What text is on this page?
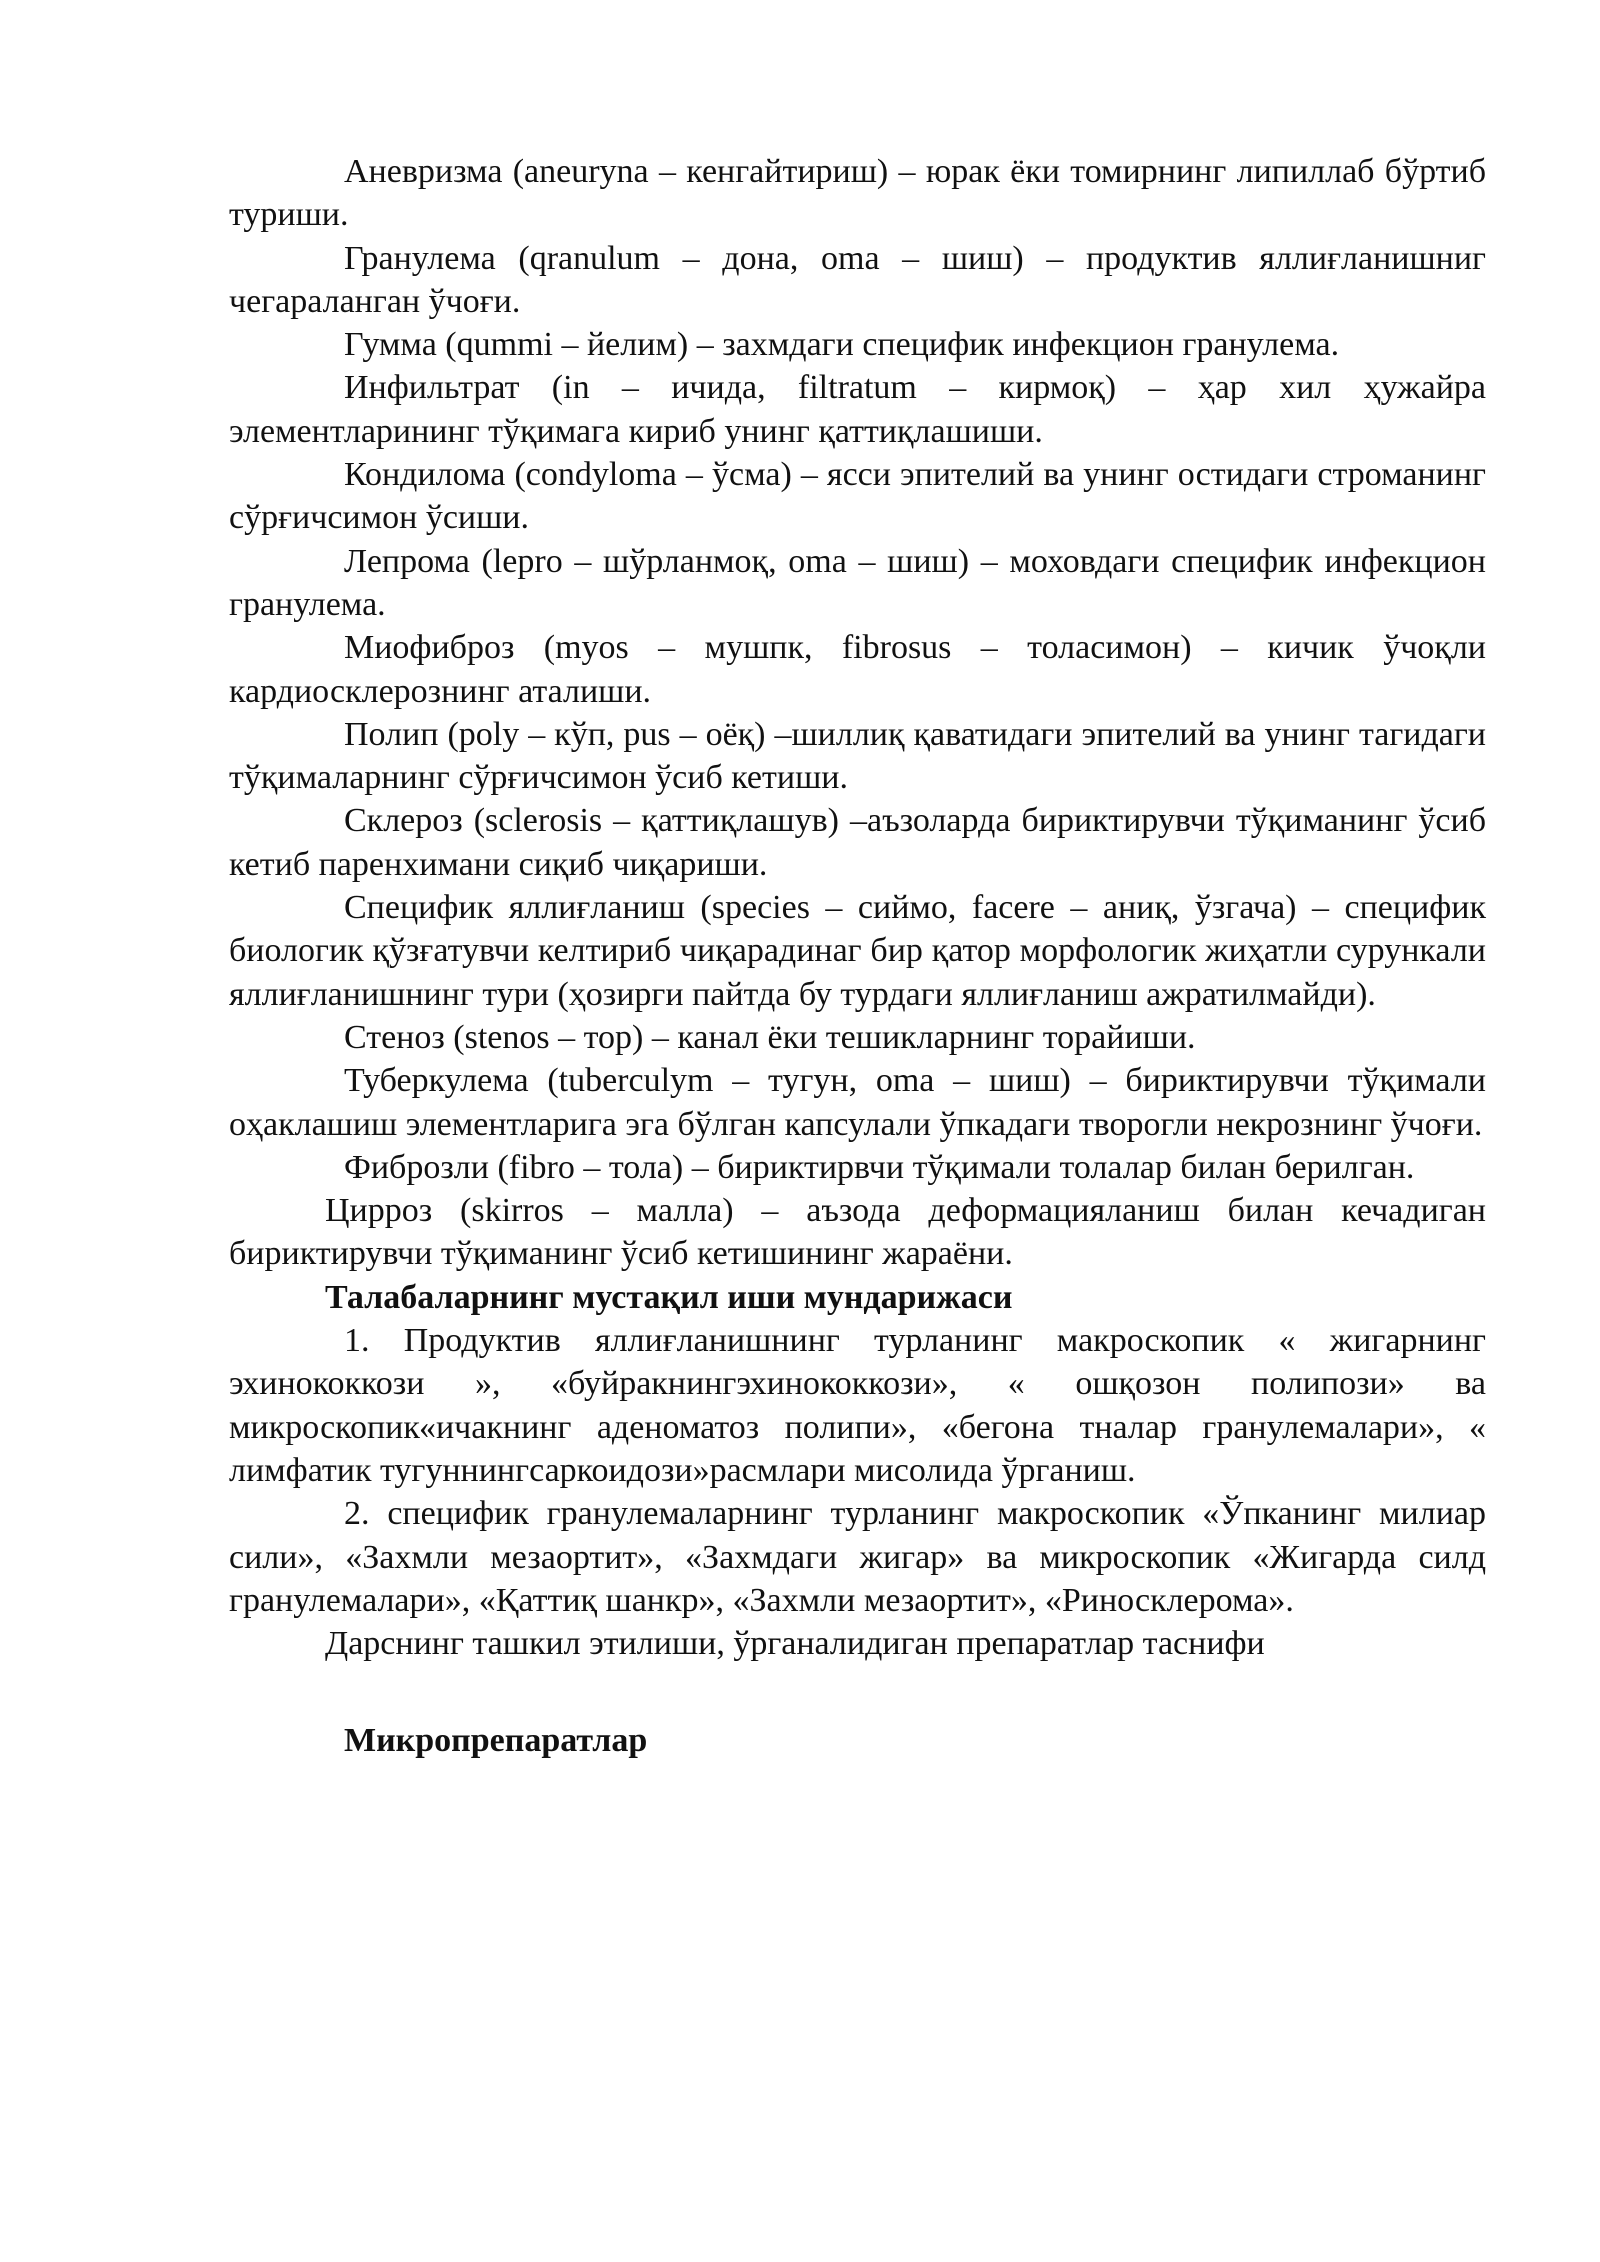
Аневризма (aneurуna – кенгайтириш) – юрак ёки томирнинг липиллаб бўртиб туриши.

Гранулема (qranulum – дона, oma – шиш) – продуктив яллиғланишниг чегараланган ўчоғи.

Гумма (qummi – йелим) – захмдаги специфик инфекцион гранулема.

Инфильтрат (in – ичида, filtratum – кирмоқ) – ҳар хил ҳужайра элементларининг тўқимага кириб унинг қаттиқлашиши.

Кондилома (condyloma – ўсма) – ясси эпителий ва унинг остидаги строманинг сўрғичсимон ўсиши.

Лепрома (lepro – шўрланмоқ, oma – шиш) – моховдаги специфик инфекцион гранулема.

Миофиброз (myos – мушпк, fibrosus – толасимон) – кичик ўчоқли кардиосклерознинг аталиши.

Полип (poly – кўп, pus – оёқ) –шиллиқ қаватидаги эпителий ва унинг тагидаги тўқималарнинг сўрғичсимон ўсиб кетиши.

Склероз (sclerosis – қаттиқлашув) –аъзоларда бириктирувчи тўқиманинг ўсиб кетиб паренхимани сиқиб чиқариши.

Специфик яллиғланиш (species – сиймо, facere – аниқ, ўзгача) – специфик биологик қўзғатувчи келтириб чиқарадинаг бир қатор морфологик жиҳатли сурункали яллиғланишнинг тури (ҳозирги пайтда бу турдаги яллиғланиш ажратилмайди).

Стеноз (stenos – тор) – канал ёки тешикларнинг торайиши.

Туберкулема (tuberculym – тугун, oma – шиш) – бириктирувчи тўқимали оҳаклашиш элементларига эга бўлган капсулали ўпкадаги творогли некрознинг ўчоғи.

Фиброзли (fibro – тола) – бириктирвчи тўқимали толалар билан берилган.

Цирроз (skirros – малла) – аъзода деформацияланиш билан кечадиган бириктирувчи тўқиманинг ўсиб кетишининг жараёни.

Талабаларнинг мустақил иши мундарижаси

1. Продуктив яллиғланишнинг турланинг макроскопик « жигарнинг эхинококкози », «буйракнингэхинококкози», « ошқозон полипози» ва микроскопик«ичакнинг аденоматоз полипи», «бегона тналар гранулемалари», « лимфатик тугуннингсаркоидози»расмлари мисолида ўрганиш.

2. специфик гранулемаларнинг турланинг макроскопик «Ўпканинг милиар сили», «Захмли мезаортит», «Захмдаги жигар» ва микроскопик «Жигарда силд гранулемалари», «Қаттиқ шанкр», «Захмли мезаортит», «Риносклерома».

Дарснинг ташкил этилиши, ўрганалидиган препаратлар таснифи

Микропрепаратлар
